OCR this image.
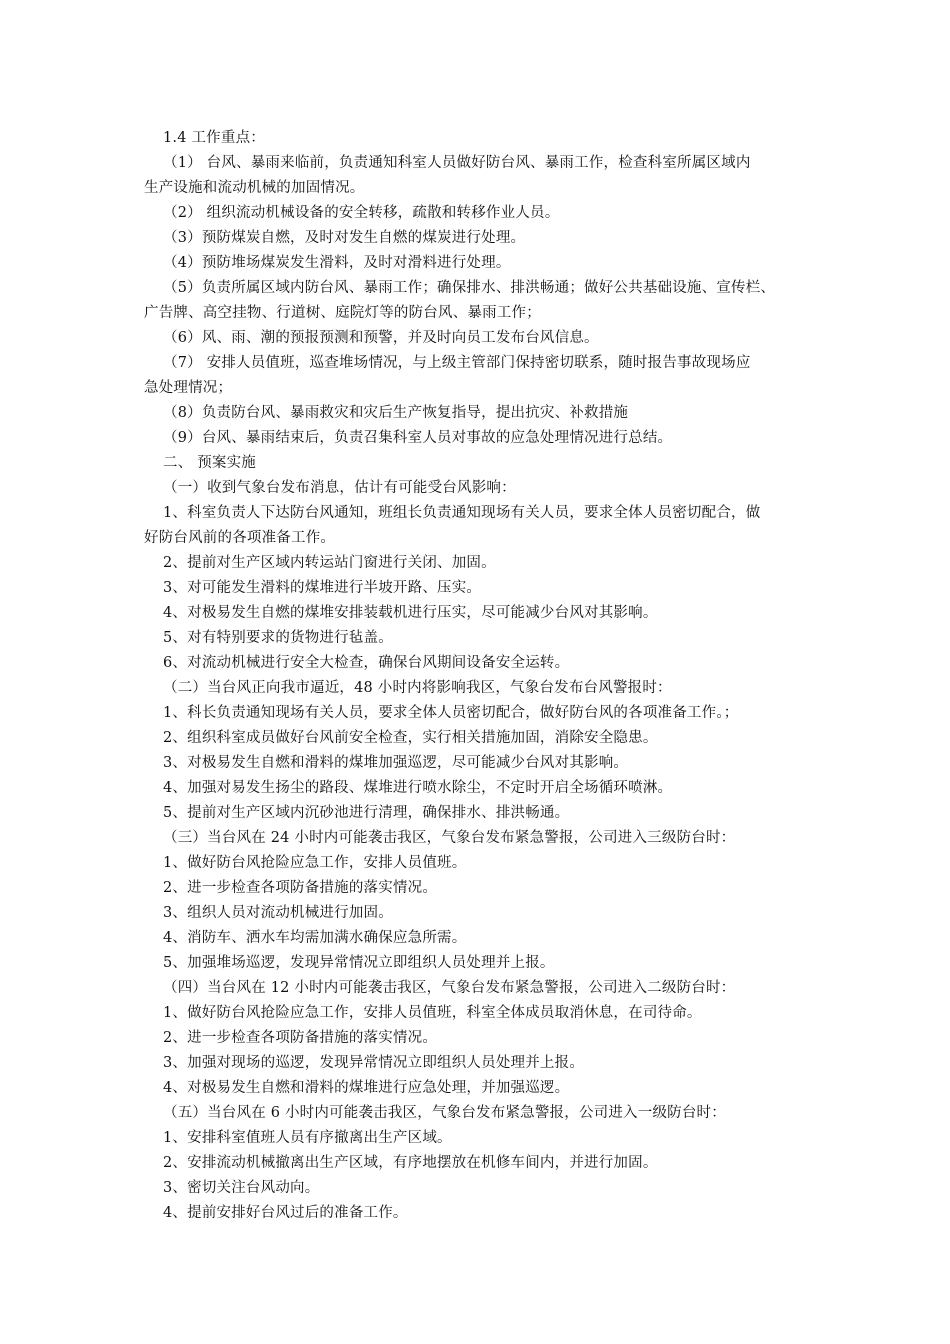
1.4 工作重点：
（1） 台风、暴雨来临前，负责通知科室人员做好防台风、暴雨工作，检查科室所属区域内
生产设施和流动机械的加固情况。
（2） 组织流动机械设备的安全转移，疏散和转移作业人员。
（3）预防煤炭自燃，及时对发生自燃的煤炭进行处理。
（4）预防堆场煤炭发生滑料，及时对滑料进行处理。
（5）负责所属区域内防台风、暴雨工作；确保排水、排洪畅通；做好公共基础设施、宣传栏、
广告牌、高空挂物、行道树、庭院灯等的防台风、暴雨工作；
（6）风、雨、潮的预报预测和预警，并及时向员工发布台风信息。
（7） 安排人员值班，巡查堆场情况，与上级主管部门保持密切联系，随时报告事故现场应
急处理情况；
（8）负责防台风、暴雨救灾和灾后生产恢复指导，提出抗灾、补救措施
（9）台风、暴雨结束后，负责召集科室人员对事故的应急处理情况进行总结。
二、 预案实施
（一）收到气象台发布消息，估计有可能受台风影响：
1、科室负责人下达防台风通知，班组长负责通知现场有关人员，要求全体人员密切配合，做
好防台风前的各项准备工作。
2、提前对生产区域内转运站门窗进行关闭、加固。
3、对可能发生滑料的煤堆进行半坡开路、压实。
4、对极易发生自燃的煤堆安排装载机进行压实，尽可能减少台风对其影响。
5、对有特别要求的货物进行毡盖。
6、对流动机械进行安全大检查，确保台风期间设备安全运转。
（二）当台风正向我市逼近，48 小时内将影响我区，气象台发布台风警报时：
1、科长负责通知现场有关人员，要求全体人员密切配合，做好防台风的各项准备工作。；
2、组织科室成员做好台风前安全检查，实行相关措施加固，消除安全隐患。
3、对极易发生自燃和滑料的煤堆加强巡逻，尽可能减少台风对其影响。
4、加强对易发生扬尘的路段、煤堆进行喷水除尘，不定时开启全场循环喷淋。
5、提前对生产区域内沉砂池进行清理，确保排水、排洪畅通。
（三）当台风在 24 小时内可能袭击我区，气象台发布紧急警报，公司进入三级防台时：
1、做好防台风抢险应急工作，安排人员值班。
2、进一步检查各项防备措施的落实情况。
3、组织人员对流动机械进行加固。
4、消防车、洒水车均需加满水确保应急所需。
5、加强堆场巡逻，发现异常情况立即组织人员处理并上报。
（四）当台风在 12 小时内可能袭击我区，气象台发布紧急警报，公司进入二级防台时：
1、做好防台风抢险应急工作，安排人员值班，科室全体成员取消休息，在司待命。
2、进一步检查各项防备措施的落实情况。
3、加强对现场的巡逻，发现异常情况立即组织人员处理并上报。
4、对极易发生自燃和滑料的煤堆进行应急处理，并加强巡逻。
（五）当台风在 6 小时内可能袭击我区，气象台发布紧急警报，公司进入一级防台时：
1、安排科室值班人员有序撤离出生产区域。
2、安排流动机械撤离出生产区域，有序地摆放在机修车间内，并进行加固。
3、密切关注台风动向。
4、提前安排好台风过后的准备工作。
